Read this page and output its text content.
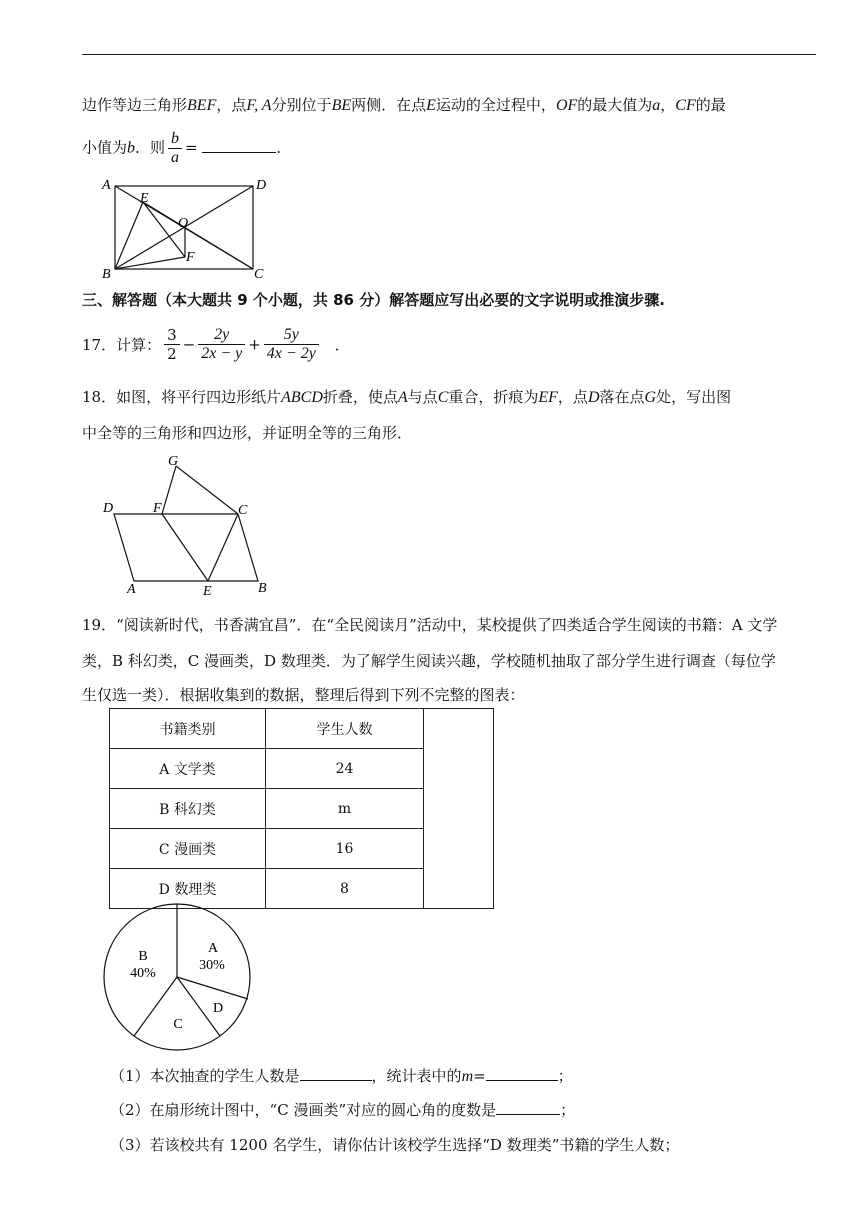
边作等边三角形BEF，点F, A分别位于BE两侧．在点E运动的全过程中，OF的最大值为a，CF的最
小值为b．则 $\frac{b}{a}$ =	．
A	D
E
O
F
B	C
三、解答题（本大题共 9 个小题，共 86 分）解答题应写出必要的文字说明或推演步骤.
17．计算： $\frac{3}{2} - \frac{2y}{2x - y} + \frac{5y}{4x - 2y}$ ．
18．如图，将平行四边形纸片ABCD折叠，使点A与点C重合，折痕为EF，点D落在点G处，写出图
中全等的三角形和四边形，并证明全等的三角形．
G
D	F	C
A	E	B
19．“阅读新时代，书香满宜昌”．在“全民阅读月”活动中，某校提供了四类适合学生阅读的书籍：A 文学
类，B 科幻类，C 漫画类，D 数理类．为了解学生阅读兴趣，学校随机抽取了部分学生进行调查（每位学
生仅选一类）．根据收集到的数据，整理后得到下列不完整的图表：
书籍类别	学生人数	
A 文学类	24	
B 科幻类	m	
C 漫画类	16	
D 数理类	8	
A
30%
B
40%
C
D
（1）本次抽查的学生人数是	，统计表中的m=	；
（2）在扇形统计图中，“C 漫画类”对应的圆心角的度数是	；
（3）若该校共有 1200 名学生，请你估计该校学生选择“D 数理类”书籍的学生人数；
